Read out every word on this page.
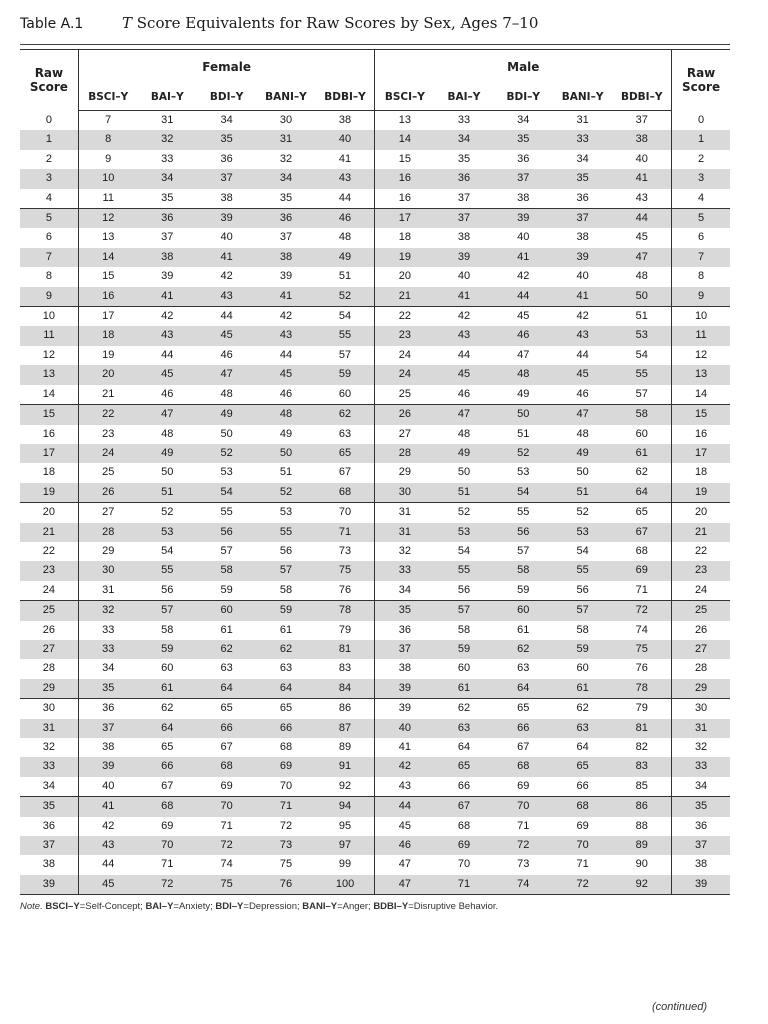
Table A.1	T Score Equivalents for Raw Scores by Sex, Ages 7–10
Raw Score	Female					Male					Raw Score
	BSCI–Y	BAI–Y	BDI–Y	BANI–Y	BDBI–Y	BSCI–Y	BAI–Y	BDI–Y	BANI–Y	BDBI–Y	
0	7	31	34	30	38	13	33	34	31	37	0
1	8	32	35	31	40	14	34	35	33	38	1
2	9	33	36	32	41	15	35	36	34	40	2
3	10	34	37	34	43	16	36	37	35	41	3
4	11	35	38	35	44	16	37	38	36	43	4
5	12	36	39	36	46	17	37	39	37	44	5
6	13	37	40	37	48	18	38	40	38	45	6
7	14	38	41	38	49	19	39	41	39	47	7
8	15	39	42	39	51	20	40	42	40	48	8
9	16	41	43	41	52	21	41	44	41	50	9
10	17	42	44	42	54	22	42	45	42	51	10
11	18	43	45	43	55	23	43	46	43	53	11
12	19	44	46	44	57	24	44	47	44	54	12
13	20	45	47	45	59	24	45	48	45	55	13
14	21	46	48	46	60	25	46	49	46	57	14
15	22	47	49	48	62	26	47	50	47	58	15
16	23	48	50	49	63	27	48	51	48	60	16
17	24	49	52	50	65	28	49	52	49	61	17
18	25	50	53	51	67	29	50	53	50	62	18
19	26	51	54	52	68	30	51	54	51	64	19
20	27	52	55	53	70	31	52	55	52	65	20
21	28	53	56	55	71	31	53	56	53	67	21
22	29	54	57	56	73	32	54	57	54	68	22
23	30	55	58	57	75	33	55	58	55	69	23
24	31	56	59	58	76	34	56	59	56	71	24
25	32	57	60	59	78	35	57	60	57	72	25
26	33	58	61	61	79	36	58	61	58	74	26
27	33	59	62	62	81	37	59	62	59	75	27
28	34	60	63	63	83	38	60	63	60	76	28
29	35	61	64	64	84	39	61	64	61	78	29
30	36	62	65	65	86	39	62	65	62	79	30
31	37	64	66	66	87	40	63	66	63	81	31
32	38	65	67	68	89	41	64	67	64	82	32
33	39	66	68	69	91	42	65	68	65	83	33
34	40	67	69	70	92	43	66	69	66	85	34
35	41	68	70	71	94	44	67	70	68	86	35
36	42	69	71	72	95	45	68	71	69	88	36
37	43	70	72	73	97	46	69	72	70	89	37
38	44	71	74	75	99	47	70	73	71	90	38
39	45	72	75	76	100	47	71	74	72	92	39
Note. BSCI–Y=Self-Concept; BAI–Y=Anxiety; BDI–Y=Depression; BANI–Y=Anger; BDBI–Y=Disruptive Behavior.
(continued)
